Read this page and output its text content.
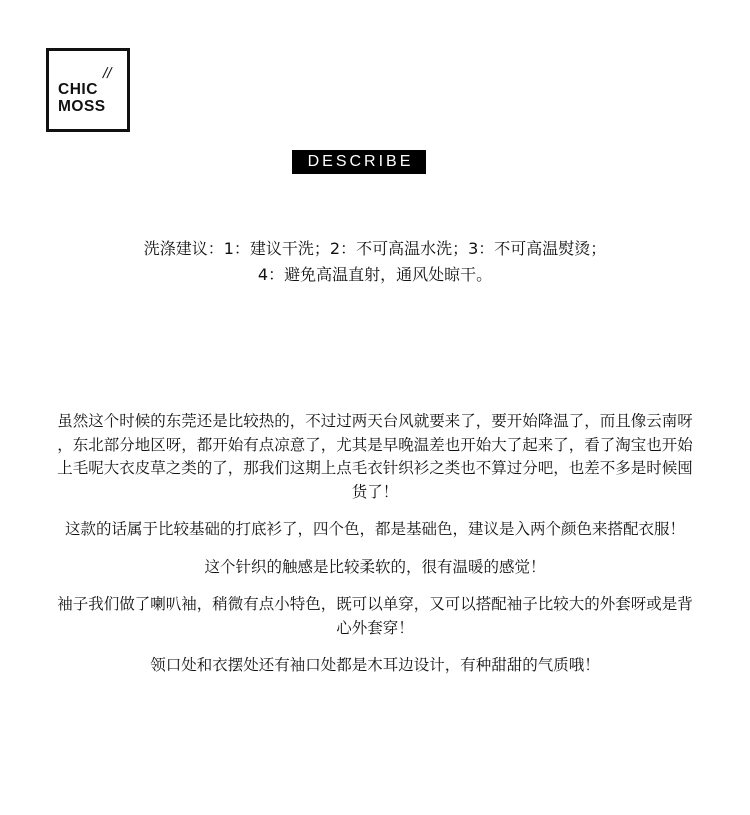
//
CHIC
MOSS
DESCRIBE
洗涤建议：1：建议干洗；2：不可高温水洗；3：不可高温熨烫；
4：避免高温直射，通风处晾干。

虽然这个时候的东莞还是比较热的，不过过两天台风就要来了，要开始降温了，而且像云南呀
，东北部分地区呀，都开始有点凉意了，尤其是早晚温差也开始大了起来了，看了淘宝也开始
上毛呢大衣皮草之类的了，那我们这期上点毛衣针织衫之类也不算过分吧，也差不多是时候囤
货了！

这款的话属于比较基础的打底衫了，四个色，都是基础色，建议是入两个颜色来搭配衣服！

这个针织的触感是比较柔软的，很有温暖的感觉！

袖子我们做了喇叭袖，稍微有点小特色，既可以单穿，又可以搭配袖子比较大的外套呀或是背
心外套穿！

领口处和衣摆处还有袖口处都是木耳边设计，有种甜甜的气质哦！
